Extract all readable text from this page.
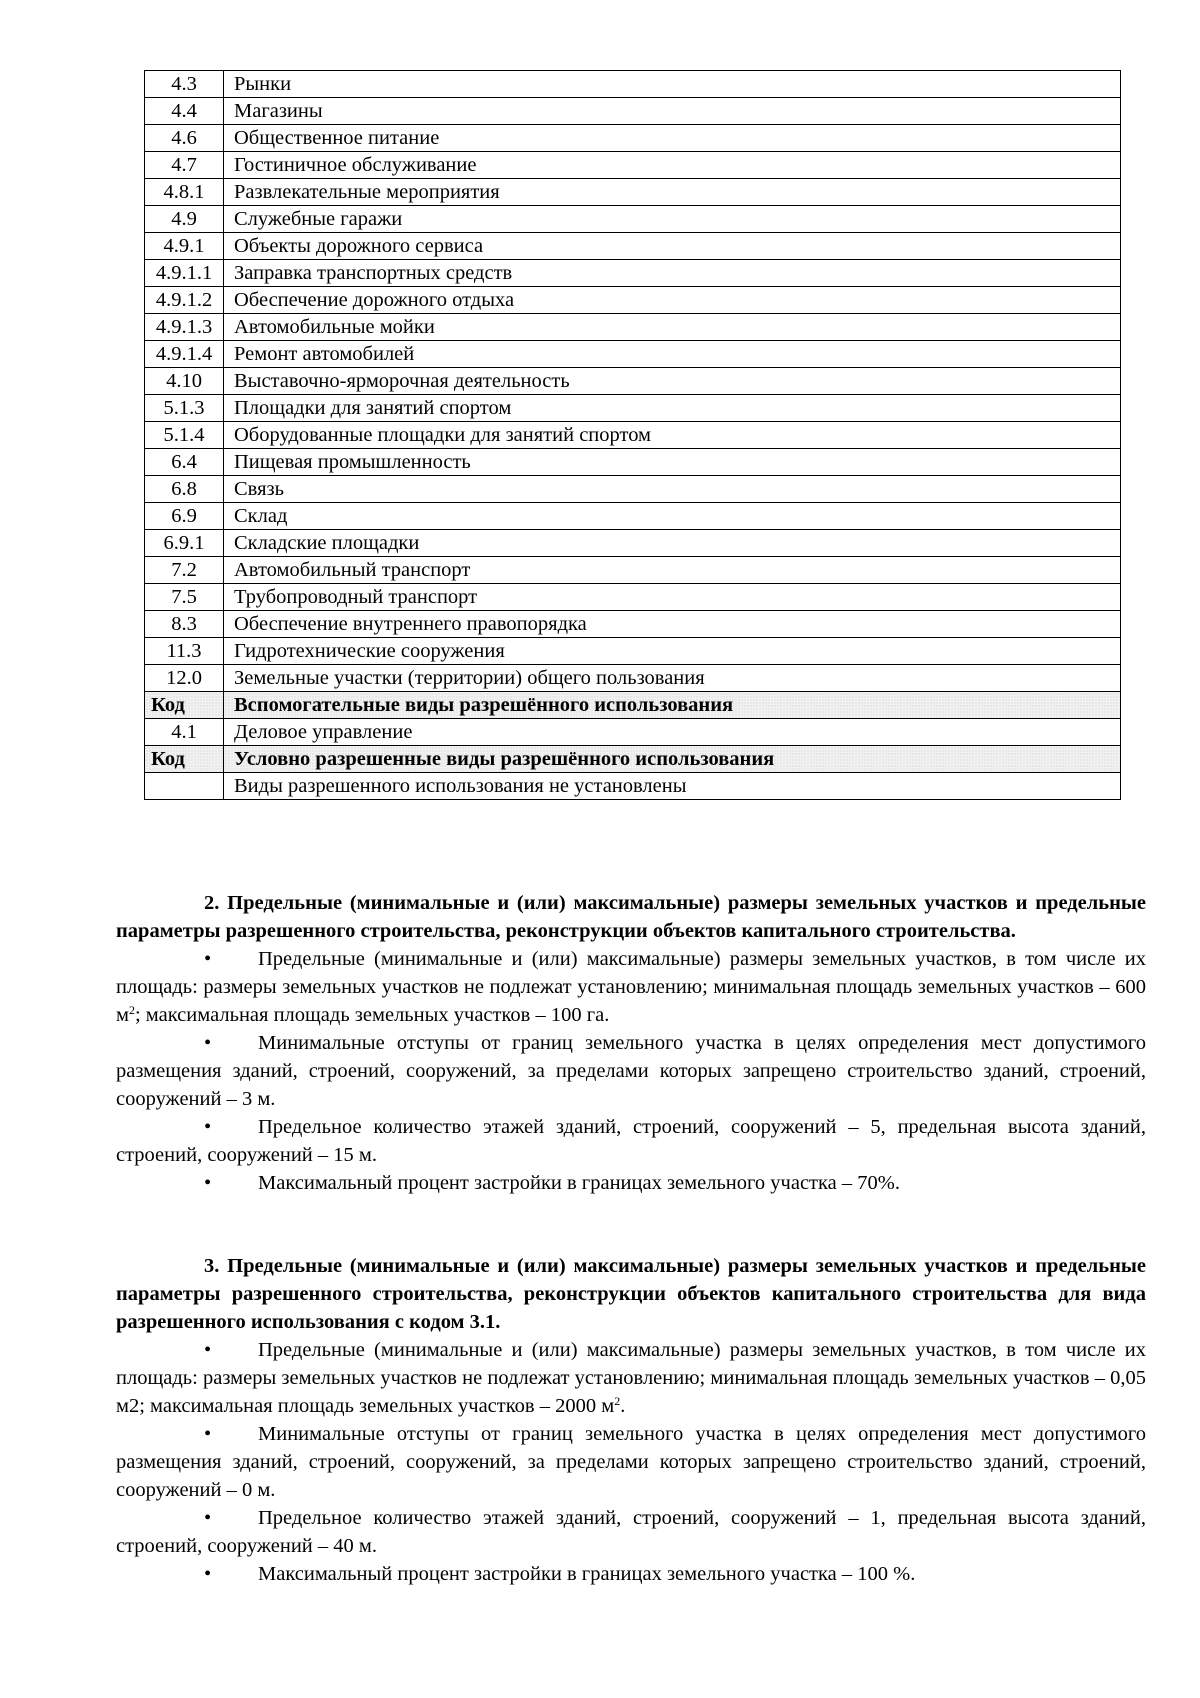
4.3	Рынки
4.4	Магазины
4.6	Общественное питание
4.7	Гостиничное обслуживание
4.8.1	Развлекательные мероприятия
4.9	Служебные гаражи
4.9.1	Объекты дорожного сервиса
4.9.1.1	Заправка транспортных средств
4.9.1.2	Обеспечение дорожного отдыха
4.9.1.3	Автомобильные мойки
4.9.1.4	Ремонт автомобилей
4.10	Выставочно-ярморочная деятельность
5.1.3	Площадки для занятий спортом
5.1.4	Оборудованные площадки для занятий спортом
6.4	Пищевая промышленность
6.8	Связь
6.9	Склад
6.9.1	Складские площадки
7.2	Автомобильный транспорт
7.5	Трубопроводный транспорт
8.3	Обеспечение внутреннего правопорядка
11.3	Гидротехнические сооружения
12.0	Земельные участки (территории) общего пользования
Код	Вспомогательные виды разрешённого использования
4.1	Деловое управление
Код	Условно разрешенные виды разрешённого использования
	Виды разрешенного использования не установлены

2. Предельные (минимальные и (или) максимальные) размеры земельных участков и предельные параметры разрешенного строительства, реконструкции объектов капитального строительства.

• Предельные (минимальные и (или) максимальные) размеры земельных участков, в том числе их площадь: размеры земельных участков не подлежат установлению; минимальная площадь земельных участков – 600 $м^2$; максимальная площадь земельных участков – 100 га.

• Минимальные отступы от границ земельного участка в целях определения мест допустимого размещения зданий, строений, сооружений, за пределами которых запрещено строительство зданий, строений, сооружений – 3 м.

• Предельное количество этажей зданий, строений, сооружений – 5, предельная высота зданий, строений, сооружений – 15 м.

• Максимальный процент застройки в границах земельного участка – 70%.

3. Предельные (минимальные и (или) максимальные) размеры земельных участков и предельные параметры разрешенного строительства, реконструкции объектов капитального строительства для вида разрешенного использования с кодом 3.1.

• Предельные (минимальные и (или) максимальные) размеры земельных участков, в том числе их площадь: размеры земельных участков не подлежат установлению; минимальная площадь земельных участков – 0,05 м2; максимальная площадь земельных участков – 2000 $м^2$.

• Минимальные отступы от границ земельного участка в целях определения мест допустимого размещения зданий, строений, сооружений, за пределами которых запрещено строительство зданий, строений, сооружений – 0 м.

• Предельное количество этажей зданий, строений, сооружений – 1, предельная высота зданий, строений, сооружений – 40 м.

• Максимальный процент застройки в границах земельного участка – 100 %.
